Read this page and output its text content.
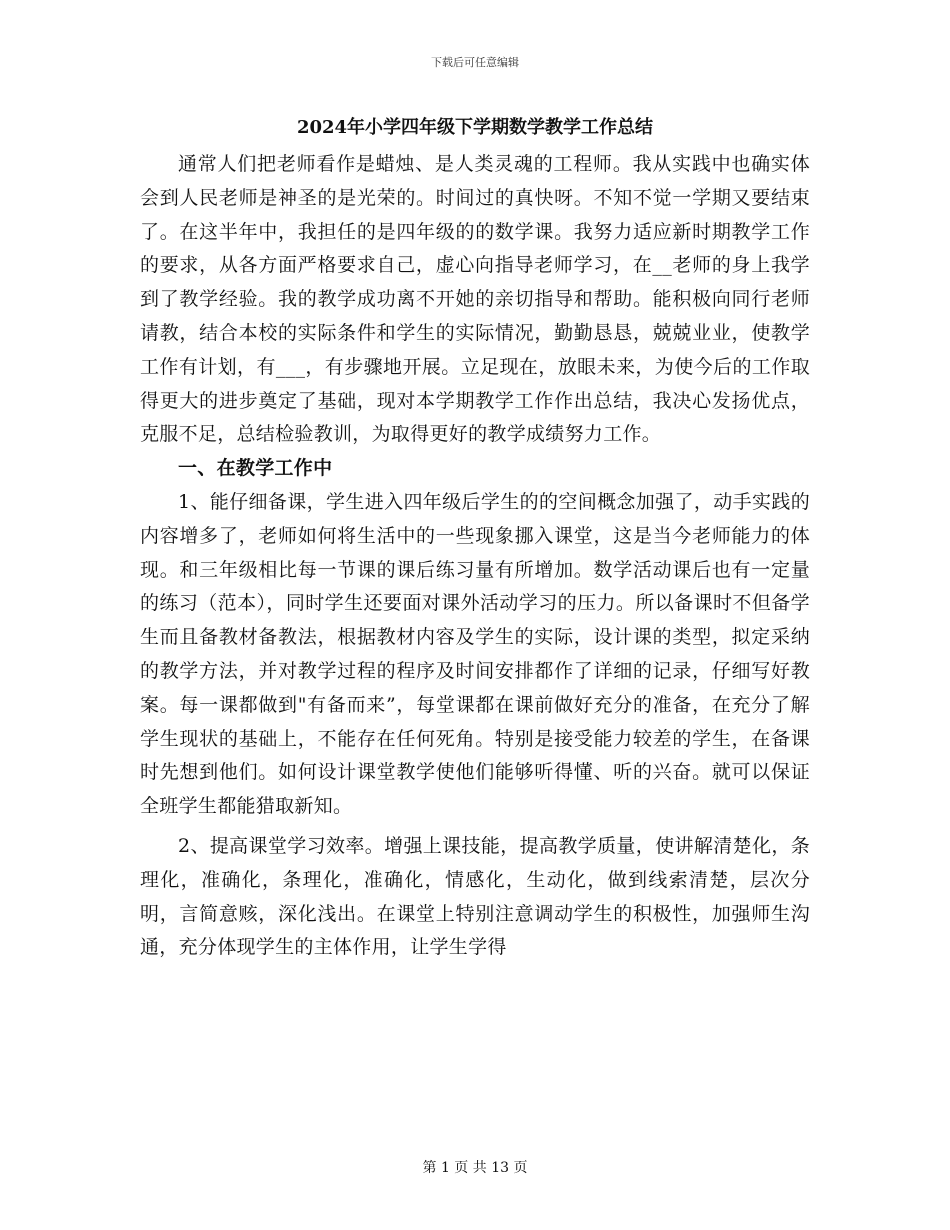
下载后可任意编辑
2024年小学四年级下学期数学教学工作总结

通常人们把老师看作是蜡烛、是人类灵魂的工程师。我从实践中也确实体会到人民老师是神圣的是光荣的。时间过的真快呀。不知不觉一学期又要结束了。在这半年中，我担任的是四年级的的数学课。我努力适应新时期教学工作的要求，从各方面严格要求自己，虚心向指导老师学习，在__老师的身上我学到了教学经验。我的教学成功离不开她的亲切指导和帮助。能积极向同行老师请教，结合本校的实际条件和学生的实际情况，勤勤恳恳，兢兢业业，使教学工作有计划，有___，有步骤地开展。立足现在，放眼未来，为使今后的工作取得更大的进步奠定了基础，现对本学期教学工作作出总结，我决心发扬优点，克服不足，总结检验教训，为取得更好的教学成绩努力工作。

一、在教学工作中

1、能仔细备课，学生进入四年级后学生的的空间概念加强了，动手实践的内容增多了，老师如何将生活中的一些现象挪入课堂，这是当今老师能力的体现。和三年级相比每一节课的课后练习量有所增加。数学活动课后也有一定量的练习（范本），同时学生还要面对课外活动学习的压力。所以备课时不但备学生而且备教材备教法，根据教材内容及学生的实际，设计课的类型，拟定采纳的教学方法，并对教学过程的程序及时间安排都作了详细的记录，仔细写好教案。每一课都做到"有备而来”，每堂课都在课前做好充分的准备，在充分了解学生现状的基础上，不能存在任何死角。特别是接受能力较差的学生，在备课时先想到他们。如何设计课堂教学使他们能够听得懂、听的兴奋。就可以保证全班学生都能猎取新知。

2、提高课堂学习效率。增强上课技能，提高教学质量，使讲解清楚化，条理化，准确化，条理化，准确化，情感化，生动化，做到线索清楚，层次分明，言简意赅，深化浅出。在课堂上特别注意调动学生的积极性，加强师生沟通，充分体现学生的主体作用，让学生学得

第 1 页 共 13 页
